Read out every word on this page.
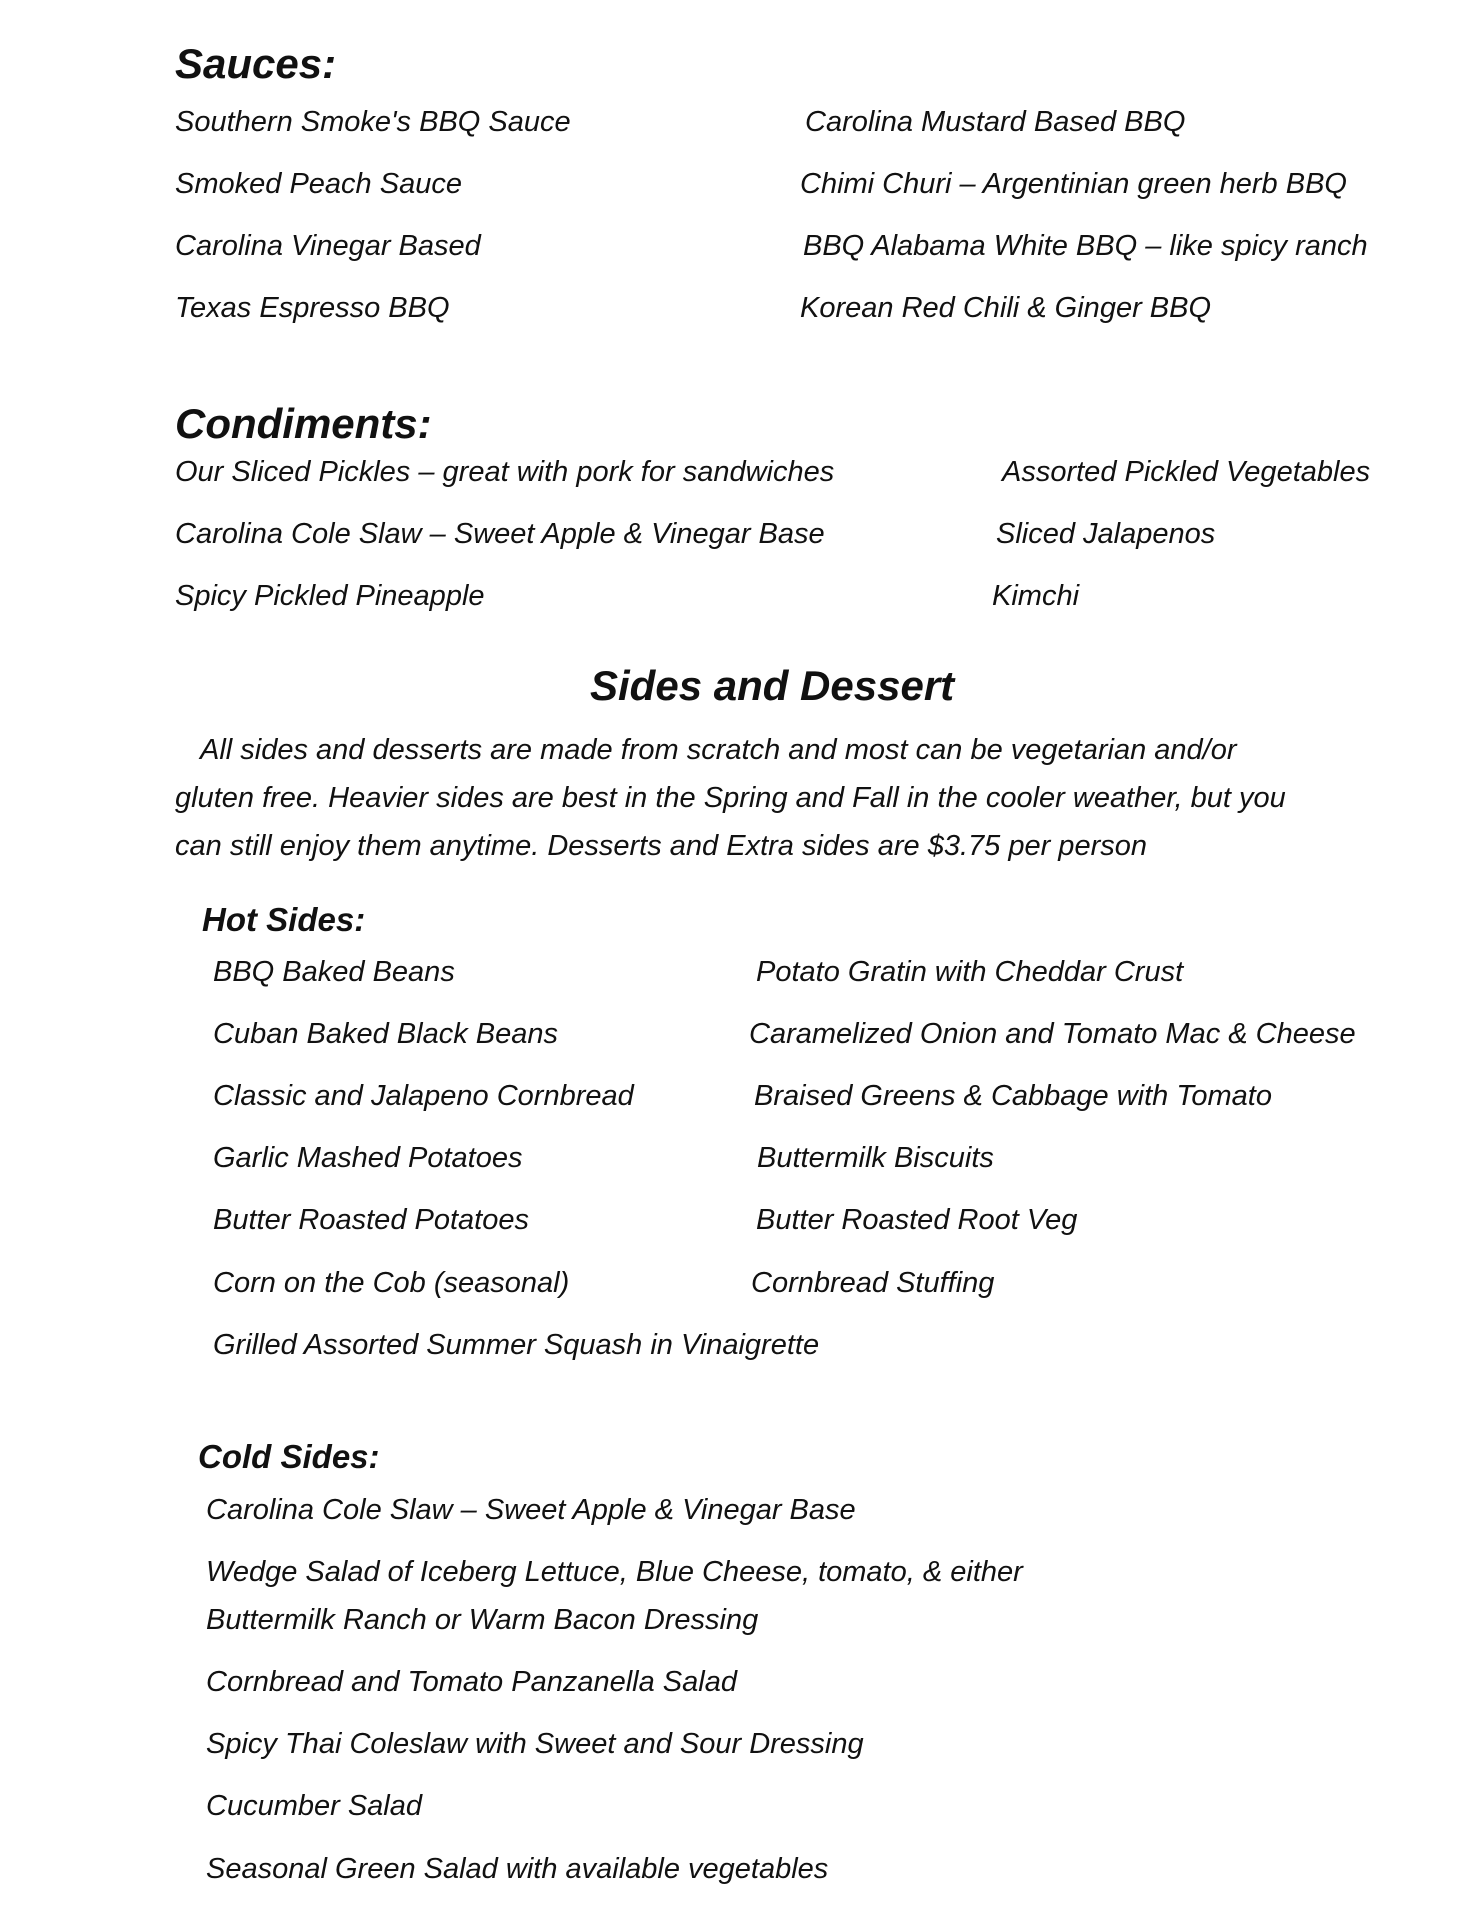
Sauces:
Southern Smoke's BBQ Sauce
Smoked Peach Sauce
Carolina Vinegar Based
Texas Espresso BBQ
Carolina Mustard Based BBQ
Chimi Churi – Argentinian green herb BBQ
BBQ Alabama White BBQ – like spicy ranch
Korean Red Chili & Ginger BBQ
Condiments:
Our Sliced Pickles – great with pork for sandwiches
Carolina Cole Slaw – Sweet Apple & Vinegar Base
Spicy Pickled Pineapple
Assorted Pickled Vegetables
Sliced Jalapenos
Kimchi
Sides and Dessert
All sides and desserts are made from scratch and most can be vegetarian and/or
gluten free. Heavier sides are best in the Spring and Fall in the cooler weather, but you
can still enjoy them anytime. Desserts and Extra sides are $3.75 per person
Hot Sides:
BBQ Baked Beans
Cuban Baked Black Beans
Classic and Jalapeno Cornbread
Garlic Mashed Potatoes
Butter Roasted Potatoes
Corn on the Cob (seasonal)
Grilled Assorted Summer Squash in Vinaigrette
Potato Gratin with Cheddar Crust
Caramelized Onion and Tomato Mac & Cheese
Braised Greens & Cabbage with Tomato
Buttermilk Biscuits
Butter Roasted Root Veg
Cornbread Stuffing
Cold Sides:
Carolina Cole Slaw – Sweet Apple & Vinegar Base
Wedge Salad of Iceberg Lettuce, Blue Cheese, tomato, & either
Buttermilk Ranch or Warm Bacon Dressing
Cornbread and Tomato Panzanella Salad
Spicy Thai Coleslaw with Sweet and Sour Dressing
Cucumber Salad
Seasonal Green Salad with available vegetables
